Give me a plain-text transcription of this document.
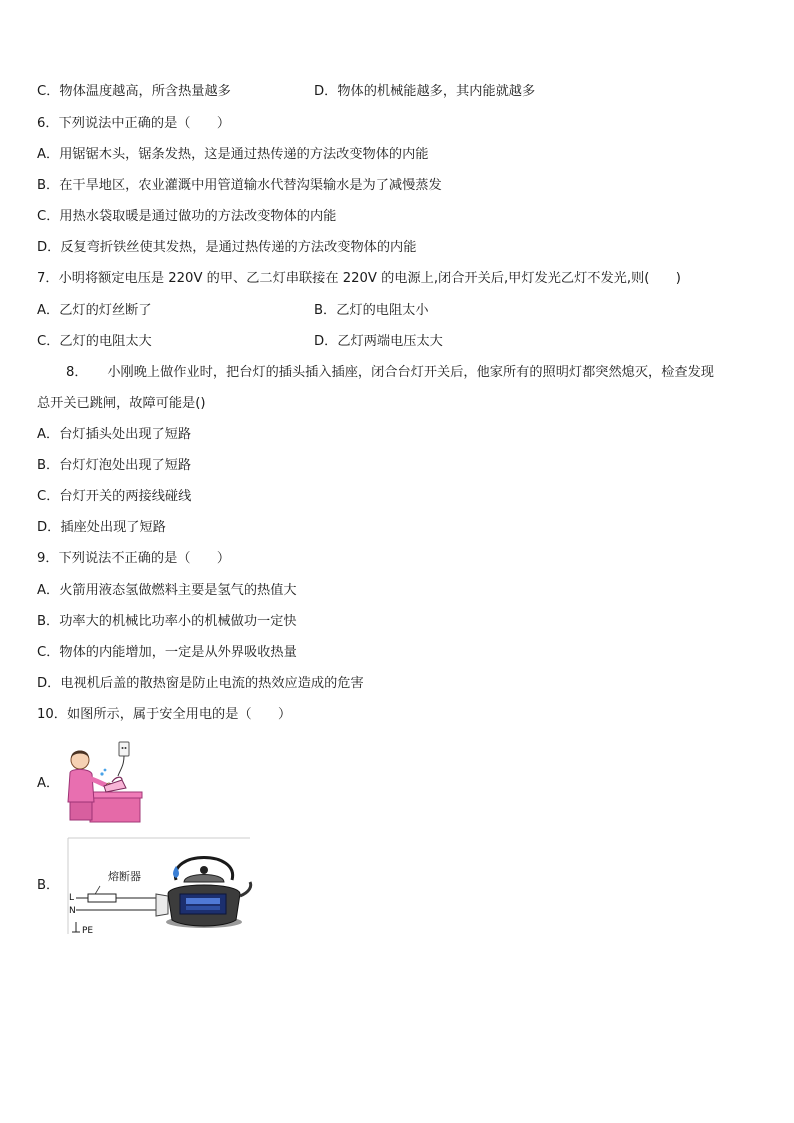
C．物体温度越高，所含热量越多	D．物体的机械能越多，其内能就越多
6．下列说法中正确的是（　　）
A．用锯锯木头，锯条发热，这是通过热传递的方法改变物体的内能
B．在干旱地区，农业灌溉中用管道输水代替沟渠输水是为了减慢蒸发
C．用热水袋取暖是通过做功的方法改变物体的内能
D．反复弯折铁丝使其发热，是通过热传递的方法改变物体的内能
7．小明将额定电压是 220V 的甲、乙二灯串联接在 220V 的电源上,闭合开关后,甲灯发光乙灯不发光,则(　　)
A．乙灯的灯丝断了	B．乙灯的电阻太小
C．乙灯的电阻太大	D．乙灯两端电压太大
8．　　小刚晚上做作业时，把台灯的插头插入插座，闭合台灯开关后，他家所有的照明灯都突然熄灭，检查发现
总开关已跳闸，故障可能是()
A．台灯插头处出现了短路
B．台灯灯泡处出现了短路
C．台灯开关的两接线碰线
D．插座处出现了短路
9．下列说法不正确的是（　　）
A．火箭用液态氢做燃料主要是氢气的热值大
B．功率大的机械比功率小的机械做功一定快
C．物体的内能增加，一定是从外界吸收热量
D．电视机后盖的散热窗是防止电流的热效应造成的危害
10．如图所示，属于安全用电的是（　　）
A．
B．
熔断器
L
N
PE
